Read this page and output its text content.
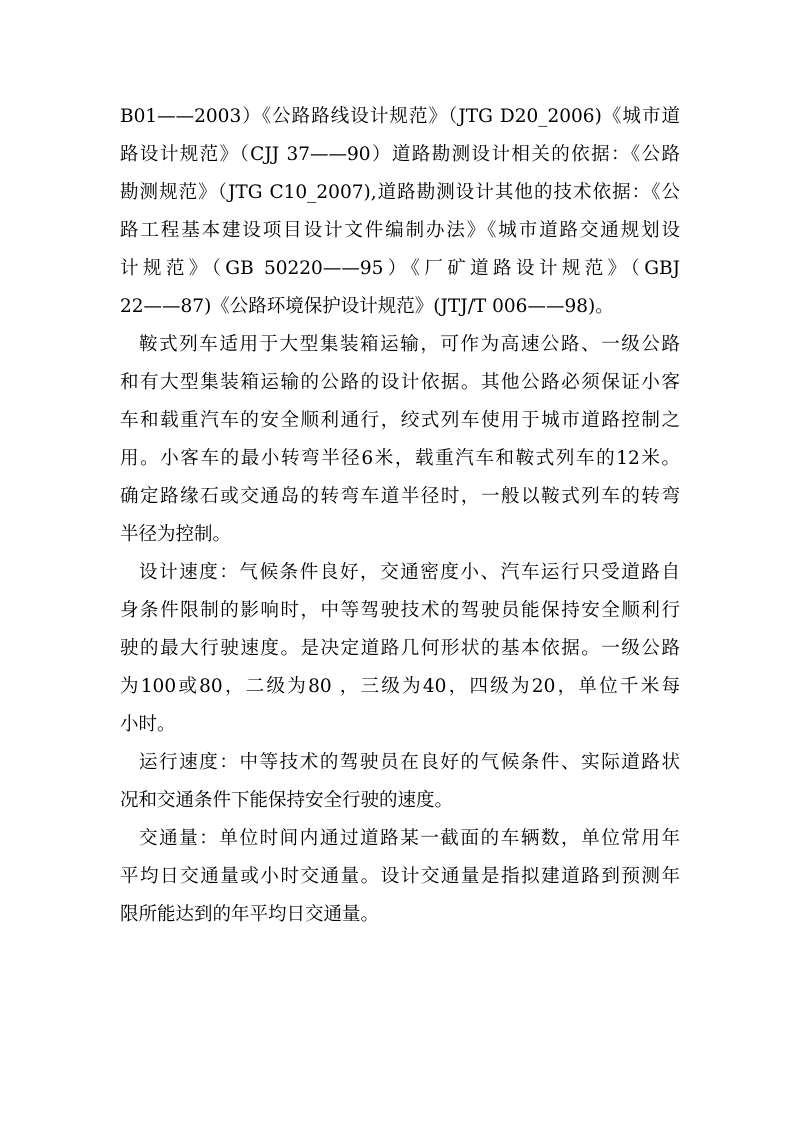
B01——2003）《公路路线设计规范》（JTG D20_2006)《城市道
路设计规范》（CJJ 37——90）道路勘测设计相关的依据：《公路
勘测规范》（JTG C10_2007),道路勘测设计其他的技术依据：《公
路工程基本建设项目设计文件编制办法》《城市道路交通规划设
计规范》（GB 50220——95）《厂矿道路设计规范》（GBJ
22——87)《公路环境保护设计规范》(JTJ/T 006——98)。
鞍式列车适用于大型集装箱运输，可作为高速公路、一级公路
和有大型集装箱运输的公路的设计依据。其他公路必须保证小客
车和载重汽车的安全顺利通行，绞式列车使用于城市道路控制之
用。小客车的最小转弯半径6米，载重汽车和鞍式列车的12米。
确定路缘石或交通岛的转弯车道半径时，一般以鞍式列车的转弯
半径为控制。
设计速度：气候条件良好，交通密度小、汽车运行只受道路自
身条件限制的影响时，中等驾驶技术的驾驶员能保持安全顺利行
驶的最大行驶速度。是决定道路几何形状的基本依据。一级公路
为100或80，二级为80 ，三级为40，四级为20，单位千米每
小时。
运行速度：中等技术的驾驶员在良好的气候条件、实际道路状
况和交通条件下能保持安全行驶的速度。
交通量：单位时间内通过道路某一截面的车辆数，单位常用年
平均日交通量或小时交通量。设计交通量是指拟建道路到预测年
限所能达到的年平均日交通量。
